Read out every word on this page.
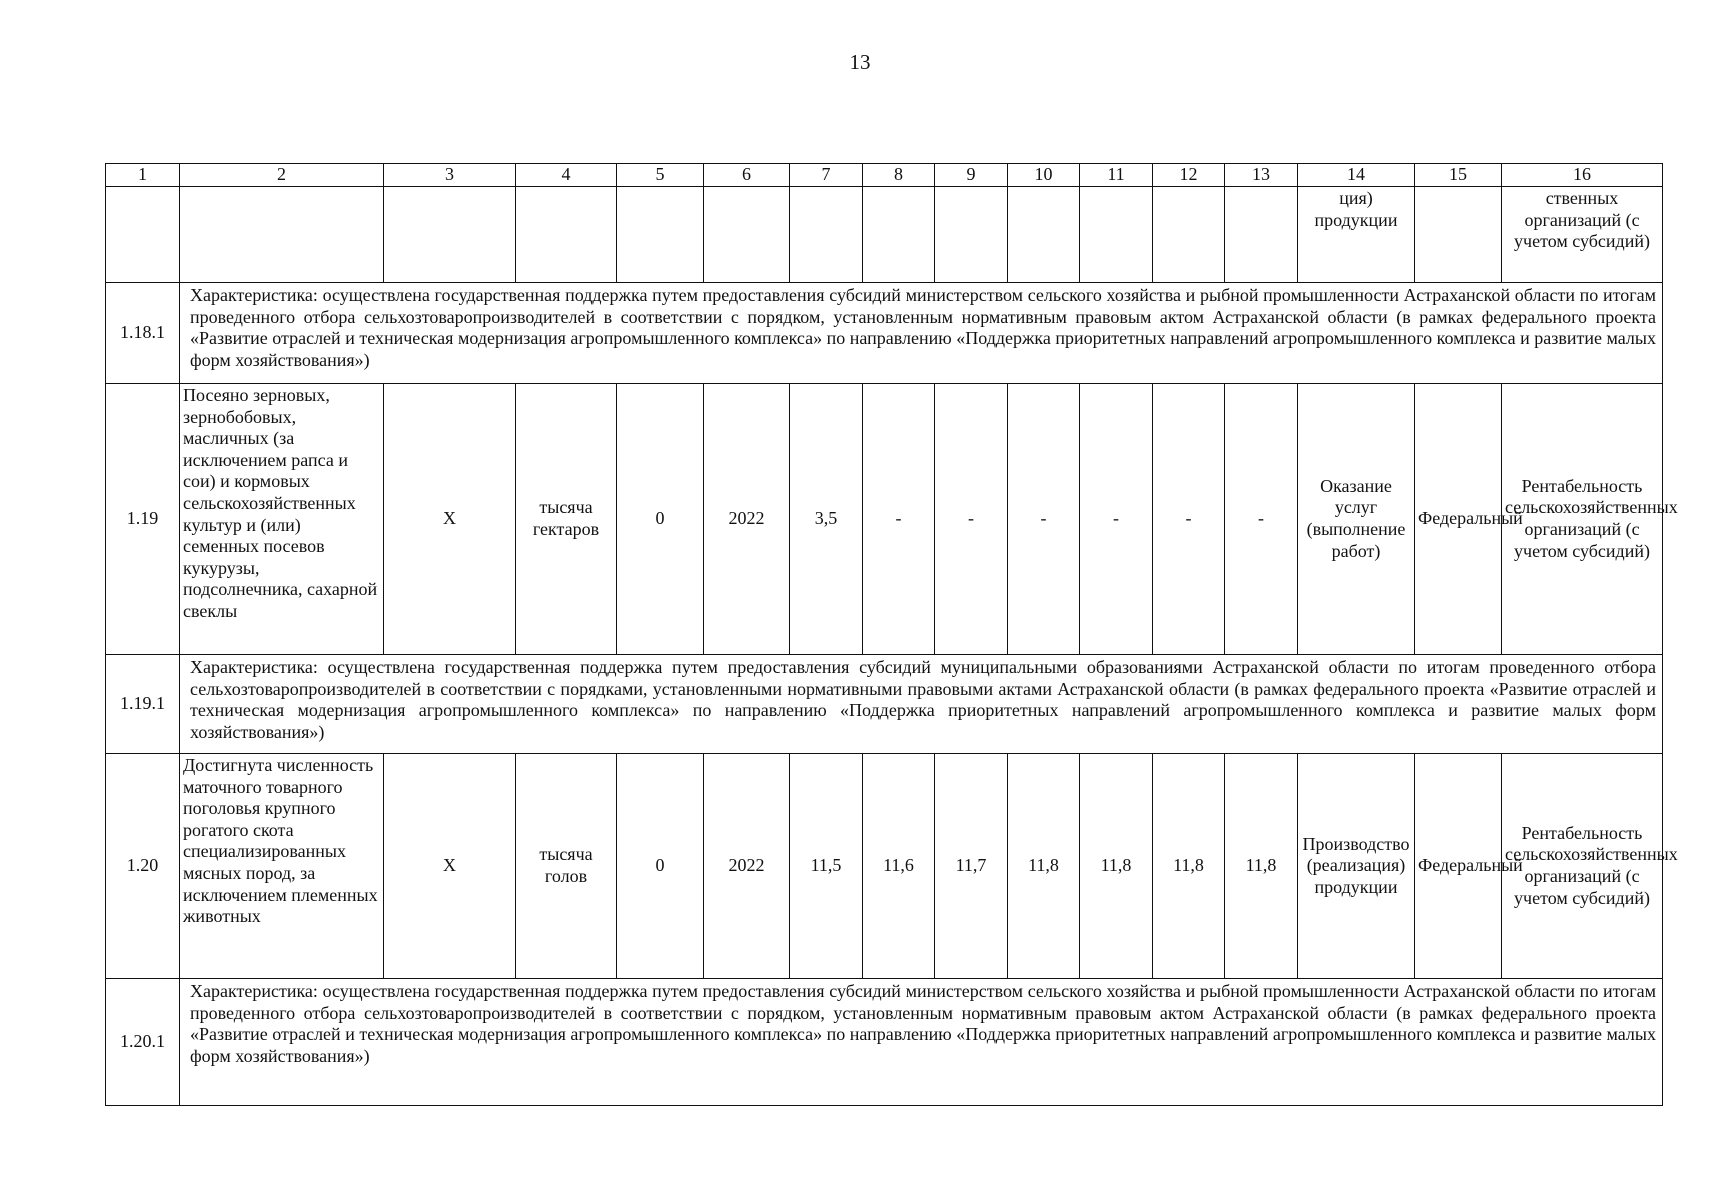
13
1	2	3	4	5	6	7	8	9	10	11	12	13	14	15	16
													ция) продукции		ственных организаций (с учетом субсидий)
1.18.1	Характеристика: осуществлена государственная поддержка путем предоставления субсидий министерством сельского хозяйства и рыбной промышленности Астраханской области по итогам проведенного отбора сельхозтоваропроизводителей в соответствии с порядком, установленным нормативным правовым актом Астраханской области (в рамках федерального проекта «Развитие отраслей и техническая модернизация агропромышленного комплекса» по направлению «Поддержка приоритетных направлений агропромышленного комплекса и развитие малых форм хозяйствования»)														
1.19	Посеяно зерновых, зернобобовых, масличных (за исключением рапса и сои) и кормовых сельскохозяйственных культур и (или) семенных посевов кукурузы, подсолнечника, сахарной свеклы	Х	тысяча гектаров	0	2022	3,5	-	-	-	-	-	-	Оказание услуг (выполнение работ)	Федеральный	Рентабельность сельскохозяйственных организаций (с учетом субсидий)
1.19.1	Характеристика: осуществлена государственная поддержка путем предоставления субсидий муниципальными образованиями Астраханской области по итогам проведенного отбора сельхозтоваропроизводителей в соответствии с порядками, установленными нормативными правовыми актами Астраханской области (в рамках федерального проекта «Развитие отраслей и техническая модернизация агропромышленного комплекса» по направлению «Поддержка приоритетных направлений агропромышленного комплекса и развитие малых форм хозяйствования»)														
1.20	Достигнута численность маточного товарного поголовья крупного рогатого скота специализированных мясных пород, за исключением племенных животных	Х	тысяча голов	0	2022	11,5	11,6	11,7	11,8	11,8	11,8	11,8	Производство (реализация) продукции	Федеральный	Рентабельность сельскохозяйственных организаций (с учетом субсидий)
1.20.1	Характеристика: осуществлена государственная поддержка путем предоставления субсидий министерством сельского хозяйства и рыбной промышленности Астраханской области по итогам проведенного отбора сельхозтоваропроизводителей в соответствии с порядком, установленным нормативным правовым актом Астраханской области (в рамках федерального проекта «Развитие отраслей и техническая модернизация агропромышленного комплекса» по направлению «Поддержка приоритетных направлений агропромышленного комплекса и развитие малых форм хозяйствования»)														
